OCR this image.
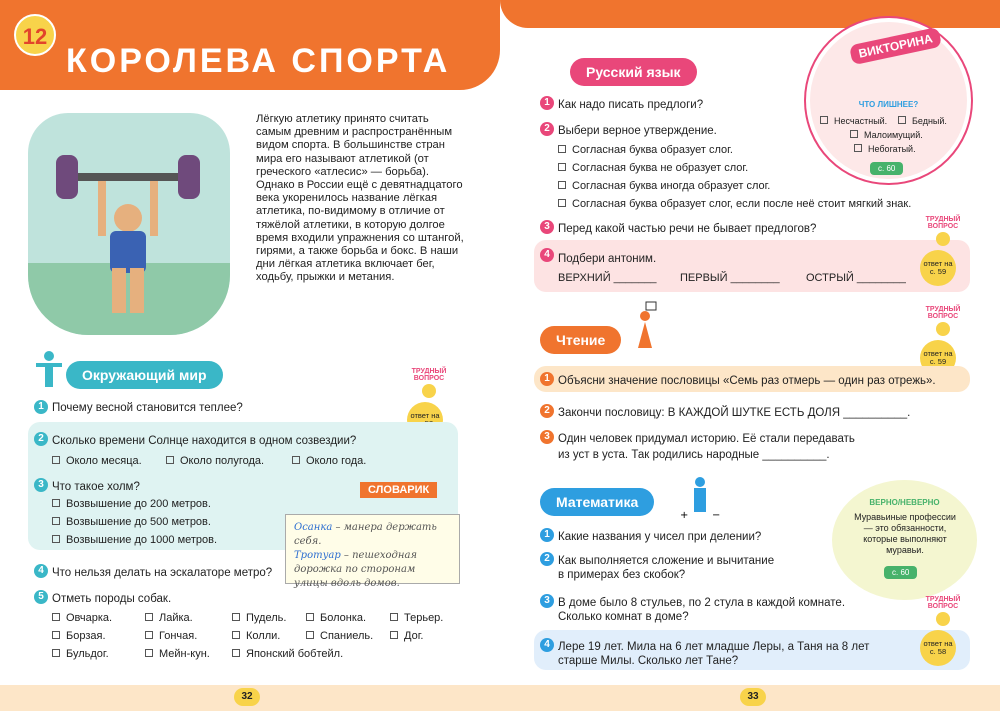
12
КОРОЛЕВА СПОРТА
Лёгкую атлетику принято считать самым древним и распространённым видом спорта. В большинстве стран мира его называют атлетикой (от греческого «атлесис» — борьба). Однако в России ещё с девятнадцатого века укоренилось название лёгкая атлетика, по-видимому в отличие от тяжёлой атлетики, в которую долгое время входили упражнения со штангой, гирями, а также борьба и бокс. В наши дни лёгкая атлетика включает бег, ходьбу, прыжки и метания.
Окружающий мир	ТРУДНЫЙ ВОПРОС
ответ на
1 Почему весной становится теплее?
2 Сколько времени Солнце находится в одном созвездии?
Около месяца.	Около полугода.	Около года.
3 Что такое холм?
Возвышение до 200 метров.
Возвышение до 500 метров.
Возвышение до 1000 метров.
СЛОВАРИК
Осанка – манера держать себя.
Тротуар – пешеходная дорожка по сторонам улицы вдоль домов.
4 Что нельзя делать на эскалаторе метро?
5 Отметь породы собак.
Овчарка.	Лайка.	Пудель.	Болонка.	Терьер.
Борзая.	Гончая.	Колли.	Спаниель.	Дог.
Бульдог.	Мейн-кун.	Японский бобтейл.
32
Русский язык
ВИКТОРИНА
ЧТО ЛИШНЕЕ?
Несчастный.	Бедный.
Малоимущий.
Небогатый.
с. 60
1 Как надо писать предлоги?
2 Выбери верное утверждение.
Согласная буква образует слог.
Согласная буква не образует слог.
Согласная буква иногда образует слог.
Согласная буква образует слог, если после неё стоит мягкий знак.
3 Перед какой частью речи не бывает предлогов?
4 Подбери антоним.
ВЕРХНИЙ _______ ПЕРВЫЙ ________ ОСТРЫЙ ________
ТРУДНЫЙ ВОПРОС
ответ на с. 59
Чтение
ТРУДНЫЙ ВОПРОС
ответ на с. 59
1 Объясни значение пословицы «Семь раз отмерь — один раз отрежь».
2 Закончи пословицу: В КАЖДОЙ ШУТКЕ ЕСТЬ ДОЛЯ __________.
3 Один человек придумал историю. Её стали передавать
из уст в уста. Так родились народные __________.
Математика
+ −
ВЕРНО/НЕВЕРНО
Муравьиные профессии — это обязанности, которые выполняют муравьи.
с. 60
1 Какие названия у чисел при делении?
2 Как выполняется сложение и вычитание
в примерах без скобок?
3 В доме было 8 стульев, по 2 стула в каждой комнате.
Сколько комнат в доме?
4 Лере 19 лет. Мила на 6 лет младше Леры, а Таня на 8 лет
старше Милы. Сколько лет Тане?
ТРУДНЫЙ ВОПРОС
ответ на с. 58
33
